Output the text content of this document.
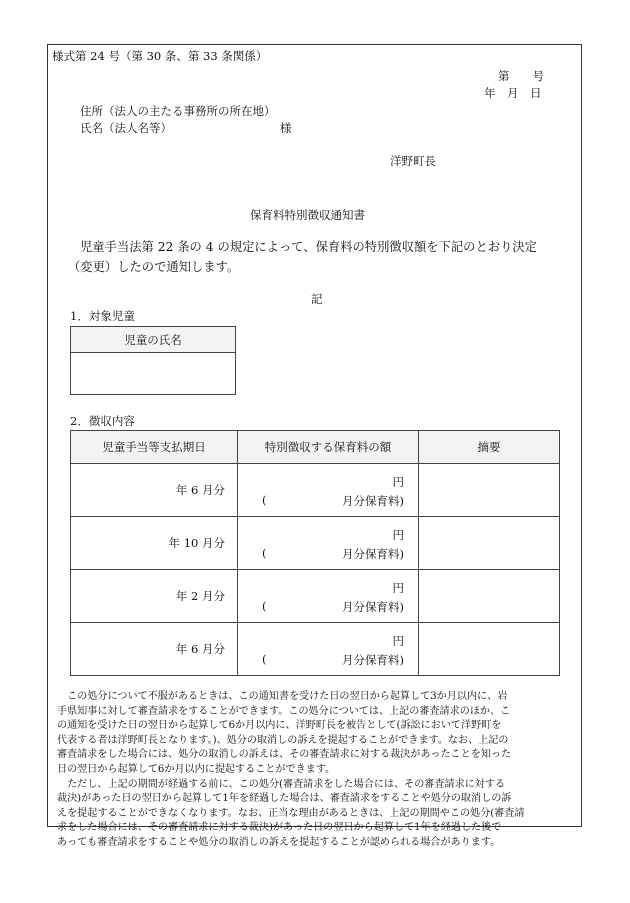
様式第 24 号（第 30 条、第 33 条関係）
第　　号
年　月　日
住所（法人の主たる事務所の所在地）
氏名（法人名等）	様
洋野町長
保育料特別徴収通知書
児童手当法第 22 条の 4 の規定によって、保育料の特別徴収額を下記のとおり決定
（変更）したので通知します。
記
1．対象児童
児童の氏名

2．徴収内容
児童手当等支払期日	特別徴収する保育料の額	摘要
年 6 月分	円
( 月分保育料)	

年 10 月分	円
( 月分保育料)	

年 2 月分	円
( 月分保育料)	

年 6 月分	円
( 月分保育料)	

　この処分について不服があるときは、この通知書を受けた日の翌日から起算して3か月以内に、岩
手県知事に対して審査請求をすることができます。この処分については、上記の審査請求のほか、こ
の通知を受けた日の翌日から起算して6か月以内に、洋野町長を被告として(訴訟において洋野町を
代表する者は洋野町長となります。)、処分の取消しの訴えを提起することができます。なお、上記の
審査請求をした場合には、処分の取消しの訴えは、その審査請求に対する裁決があったことを知った
日の翌日から起算して6か月以内に提起することができます。
　ただし、上記の期間が経過する前に、この処分(審査請求をした場合には、その審査請求に対する
裁決)があった日の翌日から起算して1年を経過した場合は、審査請求をすることや処分の取消しの訴
えを提起することができなくなります。なお、正当な理由があるときは、上記の期間やこの処分(審査請
求をした場合には、その審査請求に対する裁決)があった日の翌日から起算して1年を経過した後で
あっても審査請求をすることや処分の取消しの訴えを提起することが認められる場合があります。
